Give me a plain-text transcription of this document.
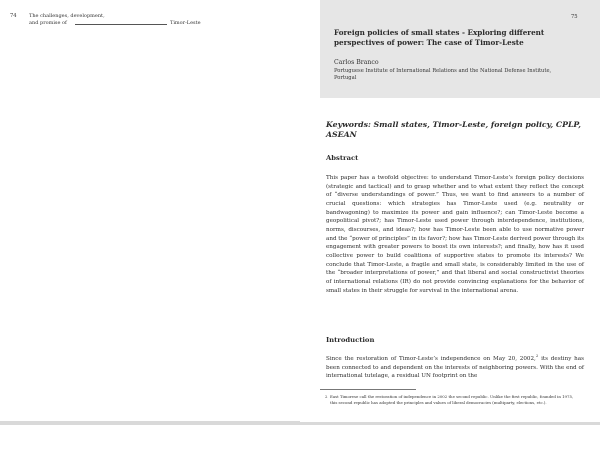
74 The challenges, development,
and promise of	Timor-Leste
75
Foreign policies of small states - Exploring different perspectives of power: The case of Timor-Leste
Carlos Branco
Portuguese Institute of International Relations and the National Defense Institute, Portugal
Keywords: Small states, Timor-Leste, foreign policy, CPLP, ASEAN
Abstract

This paper has a twofold objective: to understand Timor-Leste’s foreign policy decisions (strategic and tactical) and to grasp whether and to what extent they reflect the concept of “diverse understandings of power.” Thus, we want to find answers to a number of crucial questions: which strategies has Timor-Leste used (e.g. neutrality or bandwagoning) to maximize its power and gain influence?; can Timor-Leste become a geopolitical pivot?; has Timor-Leste used power through interdependence, institutions, norms, discourses, and ideas?; how has Timor-Leste been able to use normative power and the “power of principles” in its favor?; how has Timor-Leste derived power through its engagement with greater powers to boost its own interests?; and finally, how has it used collective power to build coalitions of supportive states to promote its interests? We conclude that Timor-Leste, a fragile and small state, is considerably limited in the use of the “broader interpretations of power,” and that liberal and social constructivist theories of international relations (IR) do not provide convincing explanations for the behavior of small states in their struggle for survival in the international arena.

Introduction

Since the restoration of Timor-Leste’s independence on May 20, 2002,$^2$ its destiny has been connected to and dependent on the interests of neighboring powers. With the end of international tutelage, a residual UN footprint on the

2 East Timorese call the restoration of independence in 2002 the second republic. Unlike the first republic, founded in 1975, this second republic has adopted the principles and values of liberal democracies (multiparty, elections, etc.).
